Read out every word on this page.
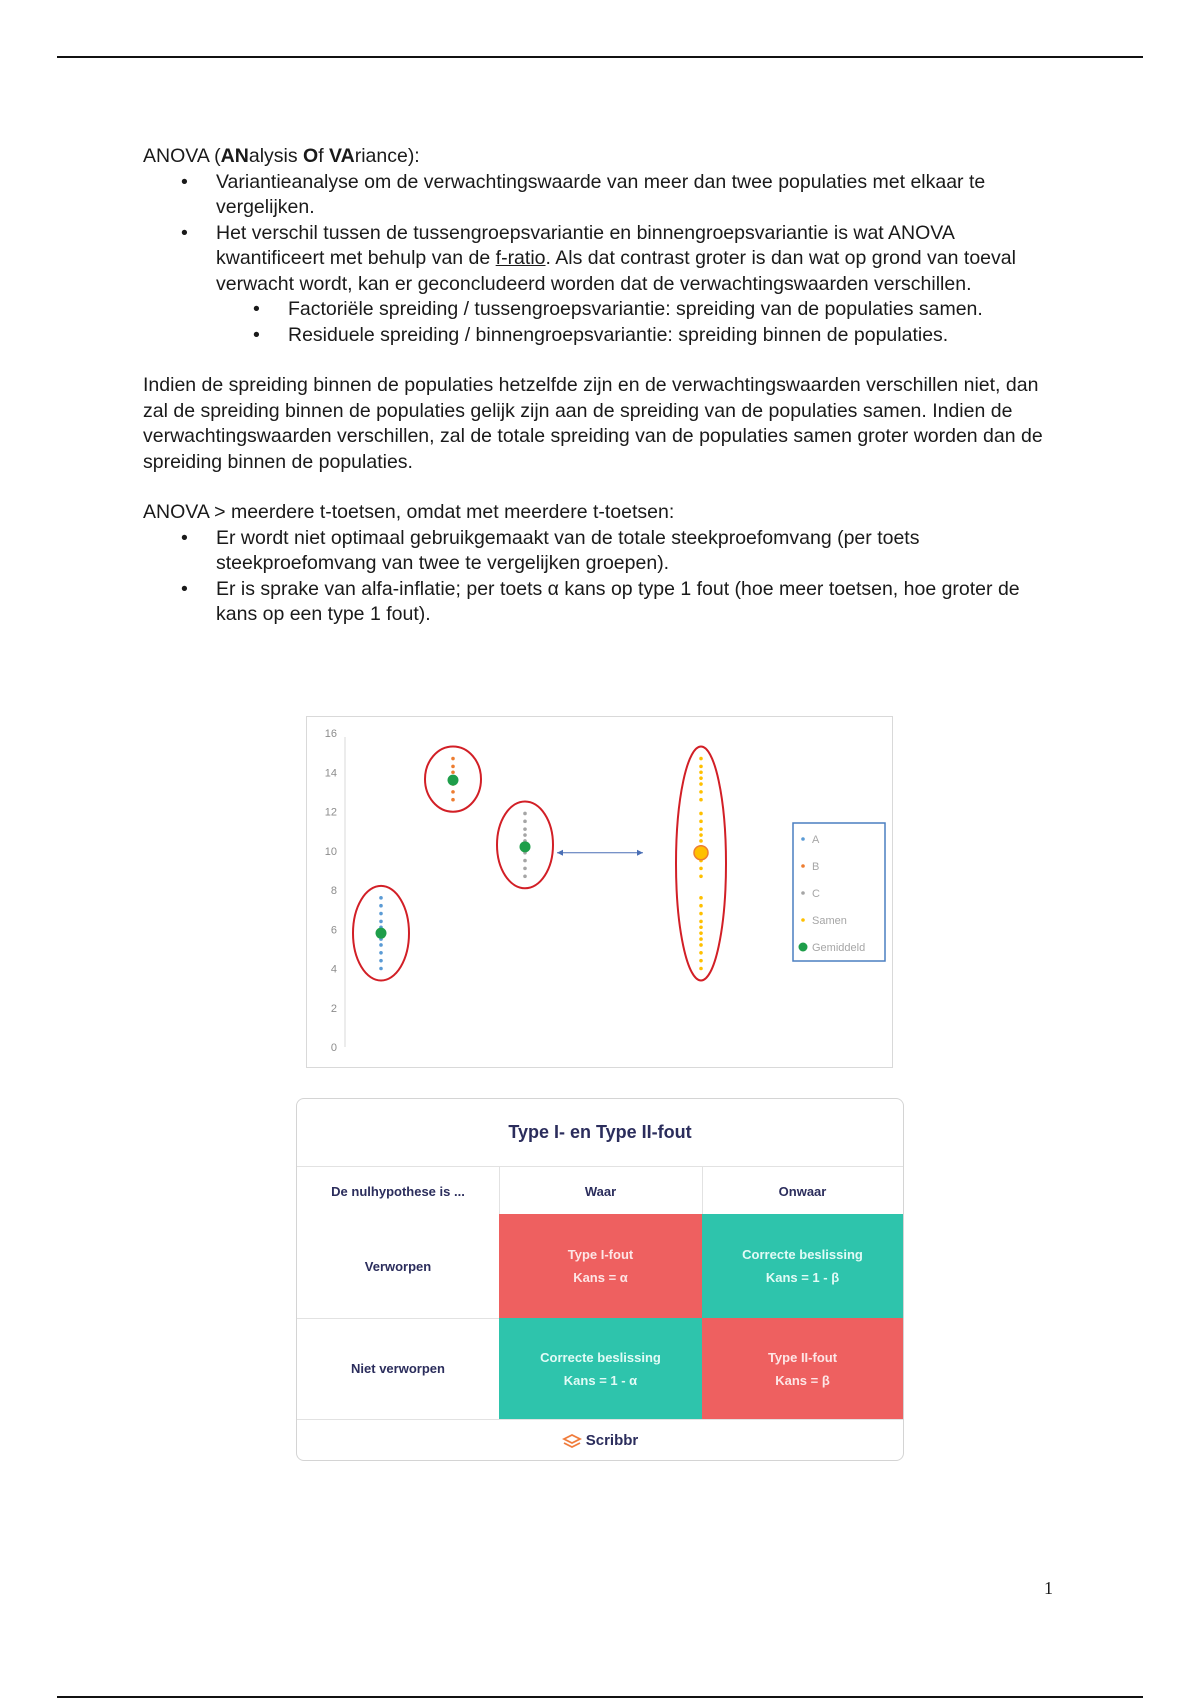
ANOVA (ANalysis Of VAriance):

• Variantieanalyse om de verwachtingswaarde van meer dan twee populaties met elkaar te vergelijken.
• Het verschil tussen de tussengroepsvariantie en binnengroepsvariantie is wat ANOVA kwantificeert met behulp van de f-ratio. Als dat contrast groter is dan wat op grond van toeval verwacht wordt, kan er geconcludeerd worden dat de verwachtingswaarden verschillen.
• Factoriële spreiding / tussengroepsvariantie: spreiding van de populaties samen.
• Residuele spreiding / binnengroepsvariantie: spreiding binnen de populaties.

Indien de spreiding binnen de populaties hetzelfde zijn en de verwachtingswaarden verschillen niet, dan zal de spreiding binnen de populaties gelijk zijn aan de spreiding van de populaties samen. Indien de verwachtingswaarden verschillen, zal de totale spreiding van de populaties samen groter worden dan de spreiding binnen de populaties.

ANOVA > meerdere t-toetsen, omdat met meerdere t-toetsen:

• Er wordt niet optimaal gebruikgemaakt van de totale steekproefomvang (per toets steekproefomvang van twee te vergelijken groepen).
• Er is sprake van alfa-inflatie; per toets α kans op type 1 fout (hoe meer toetsen, hoe groter de kans op een type 1 fout).
0
2
4
6
8
10
12
14
16
A
B
C
Samen
Gemiddeld
Type I- en Type II-fout
De nulhypothese is ...	Waar	Onwaar
Verworpen
Type I-fout
Kans = α
Correcte beslissing
Kans = 1 - β
Niet verworpen
Correcte beslissing
Kans = 1 - α
Type II-fout
Kans = β
Scribbr
1
